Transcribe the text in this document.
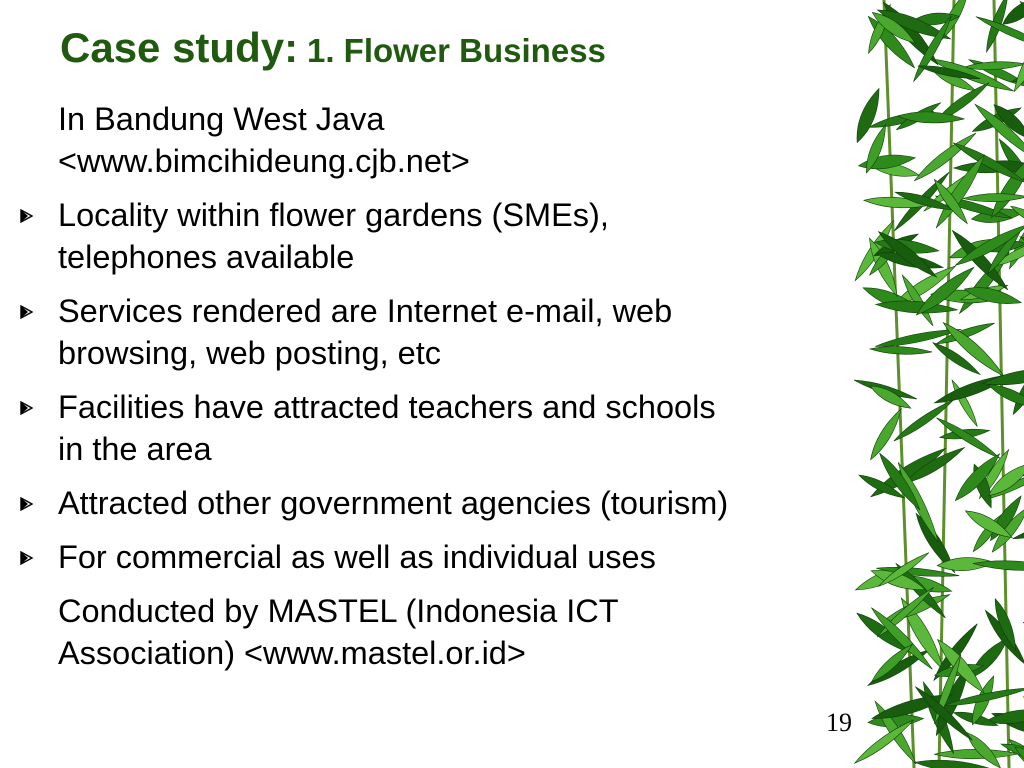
Case study: 1. Flower Business
In Bandung West Java
<www.bimcihideung.cjb.net>
Locality within flower gardens (SMEs),
telephones available
Services rendered are Internet e-mail, web
browsing, web posting, etc
Facilities have attracted teachers and schools
in the area
Attracted other government agencies (tourism)
For commercial as well as individual uses
Conducted by MASTEL (Indonesia ICT
Association) <www.mastel.or.id>
19
